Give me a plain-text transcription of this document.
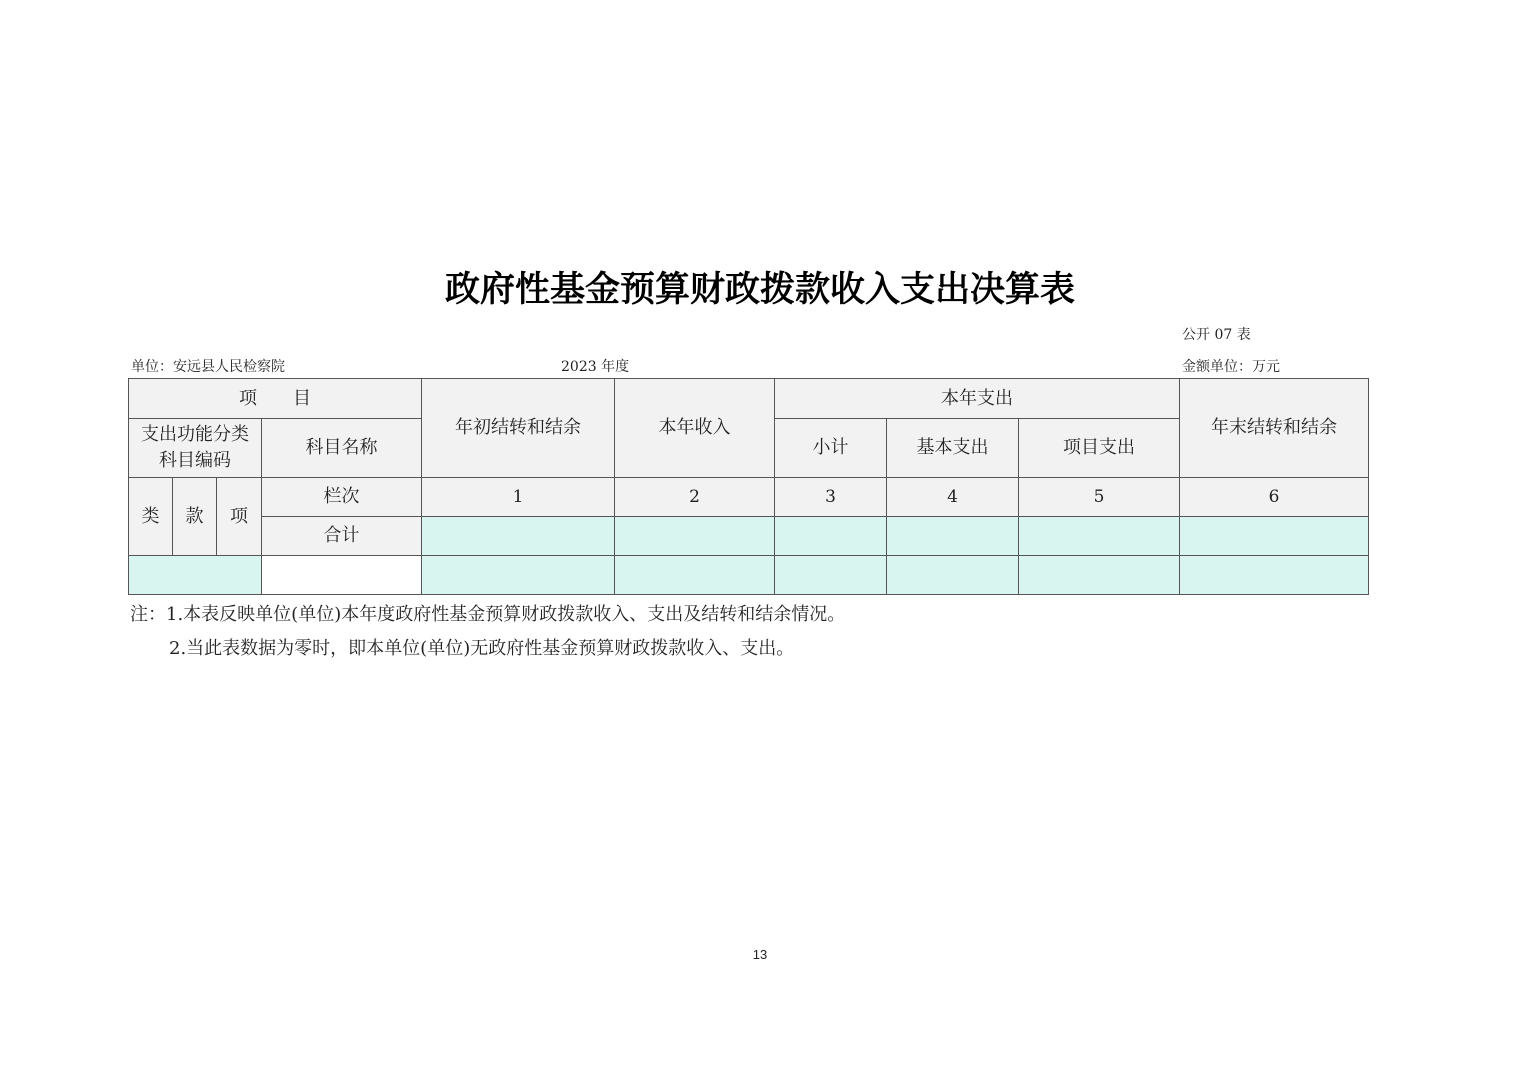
政府性基金预算财政拨款收入支出决算表
公开 07 表
单位：安远县人民检察院	2023 年度	金额单位：万元
项　　目				年初结转和结余	本年收入	本年支出			年末结转和结余
支出功能分类科目编码			科目名称			小计	基本支出	项目支出	
类	款	项	栏次	1	2	3	4	5	6
			合计						

注：1.本表反映单位(单位)本年度政府性基金预算财政拨款收入、支出及结转和结余情况。
2.当此表数据为零时，即本单位(单位)无政府性基金预算财政拨款收入、支出。
13
